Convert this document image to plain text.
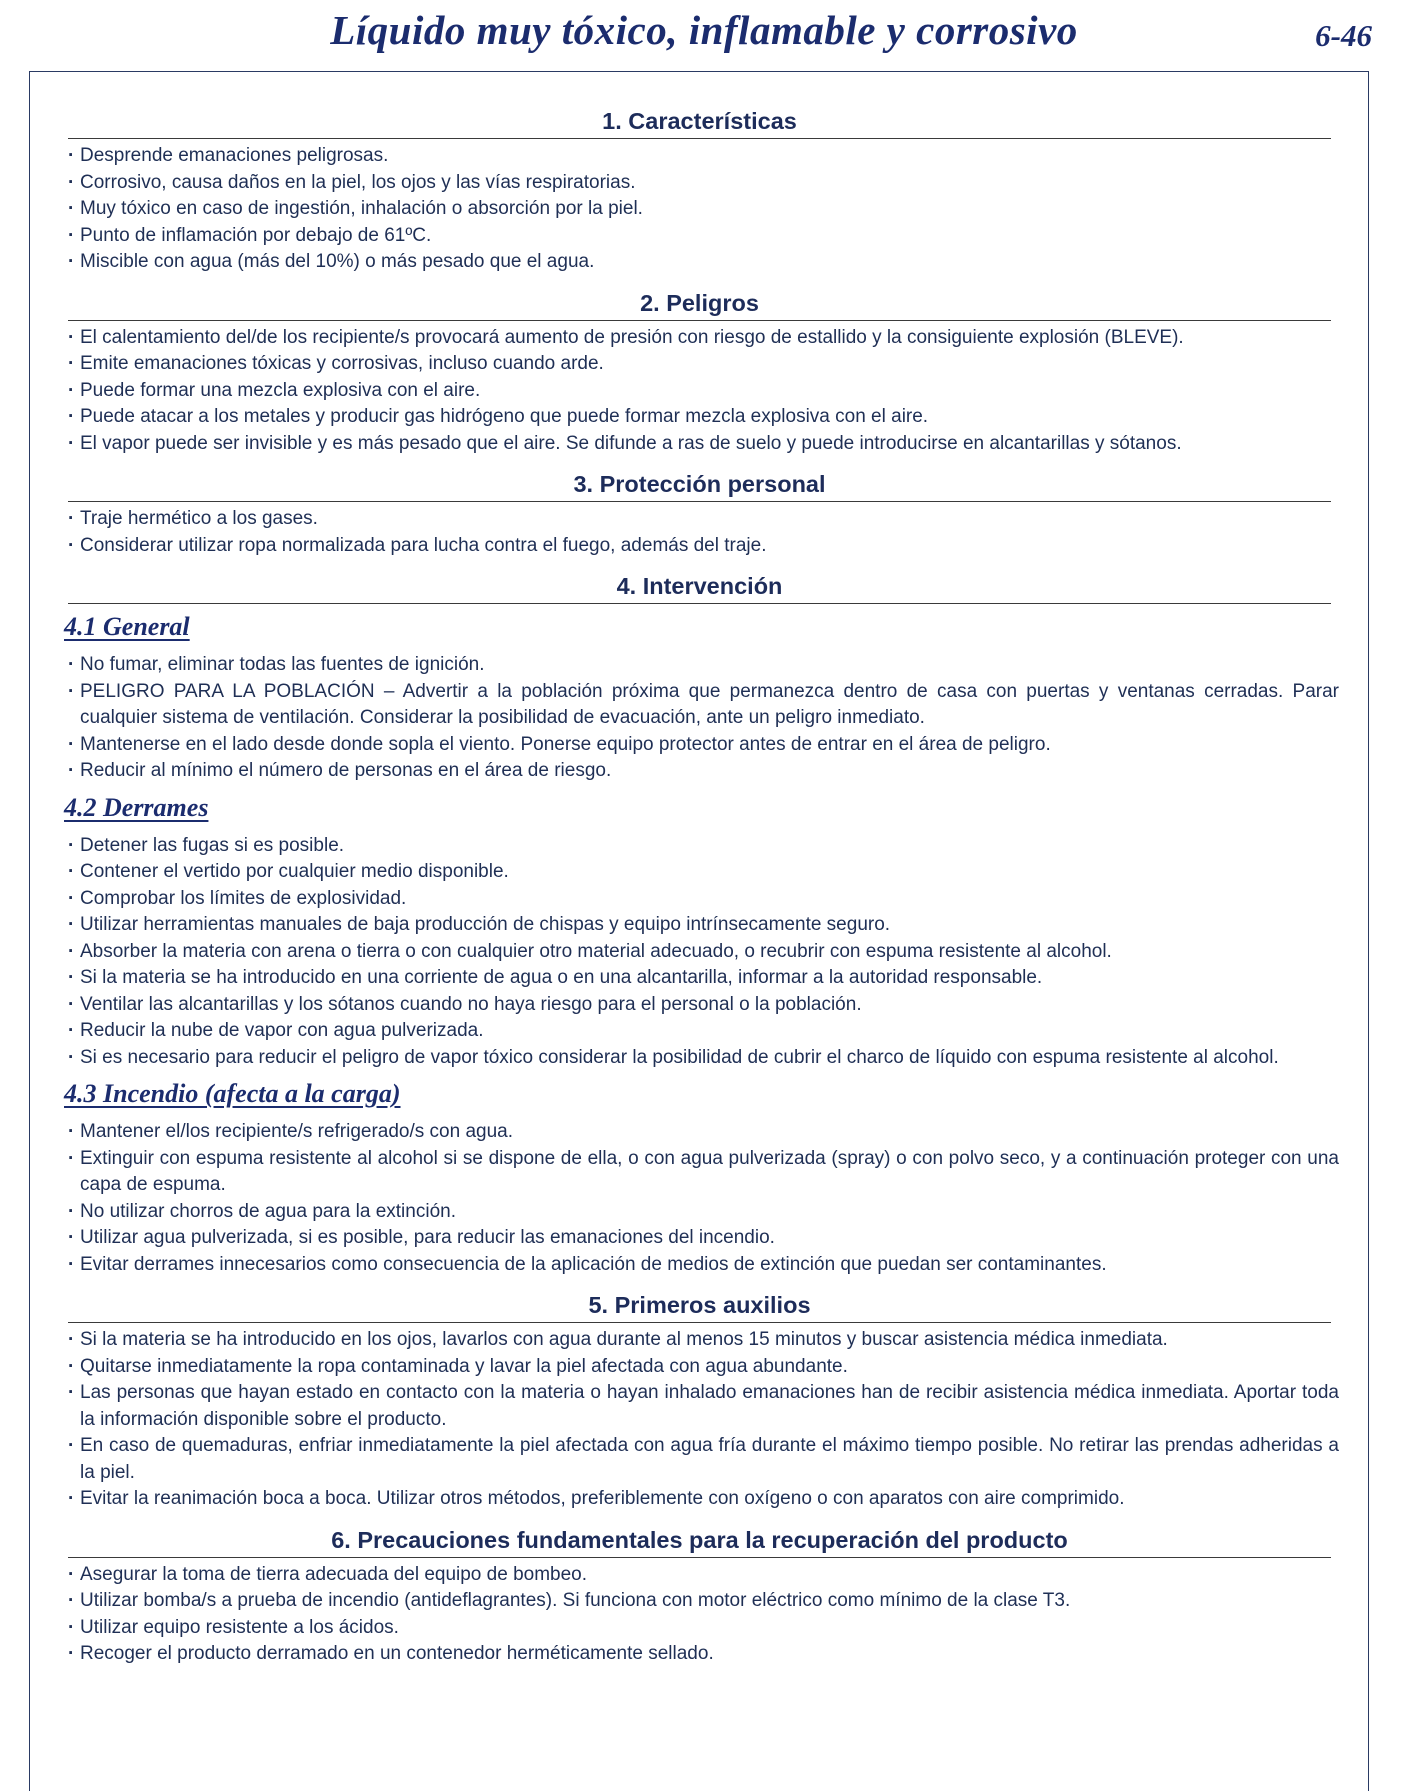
Líquido muy tóxico, inflamable y corrosivo	6-46
1. Características
· Desprende emanaciones peligrosas.
· Corrosivo, causa daños en la piel, los ojos y las vías respiratorias.
· Muy tóxico en caso de ingestión, inhalación o absorción por la piel.
· Punto de inflamación por debajo de 61ºC.
· Miscible con agua (más del 10%) o más pesado que el agua.
2. Peligros
· El calentamiento del/de los recipiente/s provocará aumento de presión con riesgo de estallido y la consiguiente explosión (BLEVE).
· Emite emanaciones tóxicas y corrosivas, incluso cuando arde.
· Puede formar una mezcla explosiva con el aire.
· Puede atacar a los metales y producir gas hidrógeno que puede formar mezcla explosiva con el aire.
· El vapor puede ser invisible y es más pesado que el aire. Se difunde a ras de suelo y puede introducirse en alcantarillas y sótanos.
3. Protección personal
· Traje hermético a los gases.
· Considerar utilizar ropa normalizada para lucha contra el fuego, además del traje.
4. Intervención
4.1 General
· No fumar, eliminar todas las fuentes de ignición.
· PELIGRO PARA LA POBLACIÓN – Advertir a la población próxima que permanezca dentro de casa con puertas y ventanas cerradas. Parar cualquier sistema de ventilación. Considerar la posibilidad de evacuación, ante un peligro inmediato.
· Mantenerse en el lado desde donde sopla el viento. Ponerse equipo protector antes de entrar en el área de peligro.
· Reducir al mínimo el número de personas en el área de riesgo.
4.2 Derrames
· Detener las fugas si es posible.
· Contener el vertido por cualquier medio disponible.
· Comprobar los límites de explosividad.
· Utilizar herramientas manuales de baja producción de chispas y equipo intrínsecamente seguro.
· Absorber la materia con arena o tierra o con cualquier otro material adecuado, o recubrir con espuma resistente al alcohol.
· Si la materia se ha introducido en una corriente de agua o en una alcantarilla, informar a la autoridad responsable.
· Ventilar las alcantarillas y los sótanos cuando no haya riesgo para el personal o la población.
· Reducir la nube de vapor con agua pulverizada.
· Si es necesario para reducir el peligro de vapor tóxico considerar la posibilidad de cubrir el charco de líquido con espuma resistente al alcohol.
4.3 Incendio (afecta a la carga)
· Mantener el/los recipiente/s refrigerado/s con agua.
· Extinguir con espuma resistente al alcohol si se dispone de ella, o con agua pulverizada (spray) o con polvo seco, y a continuación proteger con una capa de espuma.
· No utilizar chorros de agua para la extinción.
· Utilizar agua pulverizada, si es posible, para reducir las emanaciones del incendio.
· Evitar derrames innecesarios como consecuencia de la aplicación de medios de extinción que puedan ser contaminantes.
5. Primeros auxilios
· Si la materia se ha introducido en los ojos, lavarlos con agua durante al menos 15 minutos y buscar asistencia médica inmediata.
· Quitarse inmediatamente la ropa contaminada y lavar la piel afectada con agua abundante.
· Las personas que hayan estado en contacto con la materia o hayan inhalado emanaciones han de recibir asistencia médica inmediata. Aportar toda la información disponible sobre el producto.
· En caso de quemaduras, enfriar inmediatamente la piel afectada con agua fría durante el máximo tiempo posible. No retirar las prendas adheridas a la piel.
· Evitar la reanimación boca a boca. Utilizar otros métodos, preferiblemente con oxígeno o con aparatos con aire comprimido.
6. Precauciones fundamentales para la recuperación del producto
· Asegurar la toma de tierra adecuada del equipo de bombeo.
· Utilizar bomba/s a prueba de incendio (antideflagrantes). Si funciona con motor eléctrico como mínimo de la clase T3.
· Utilizar equipo resistente a los ácidos.
· Recoger el producto derramado en un contenedor herméticamente sellado.
